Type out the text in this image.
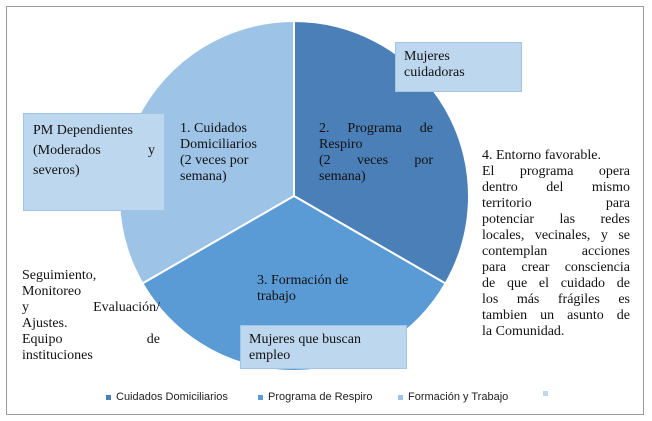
1. Cuidados
Domiciliarios
(2 veces por
semana)
2. Programa de
Respiro
(2 veces por
semana)
3. Formación de
trabajo
PM Dependientes
(Moderados y
severos)
Mujeres
cuidadoras
Mujeres que buscan
empleo
Seguimiento,
Monitoreo
y Evaluación/
Ajustes.
Equipo de
instituciones
4. Entorno favorable.
El programa opera
dentro del mismo
territorio para
potenciar las redes
locales, vecinales, y se
contemplan acciones
para crear consciencia
de que el cuidado de
los más frágiles es
tambien un asunto de
la Comunidad.
Cuidados Domiciliarios	Programa de Respiro	Formación y Trabajo
